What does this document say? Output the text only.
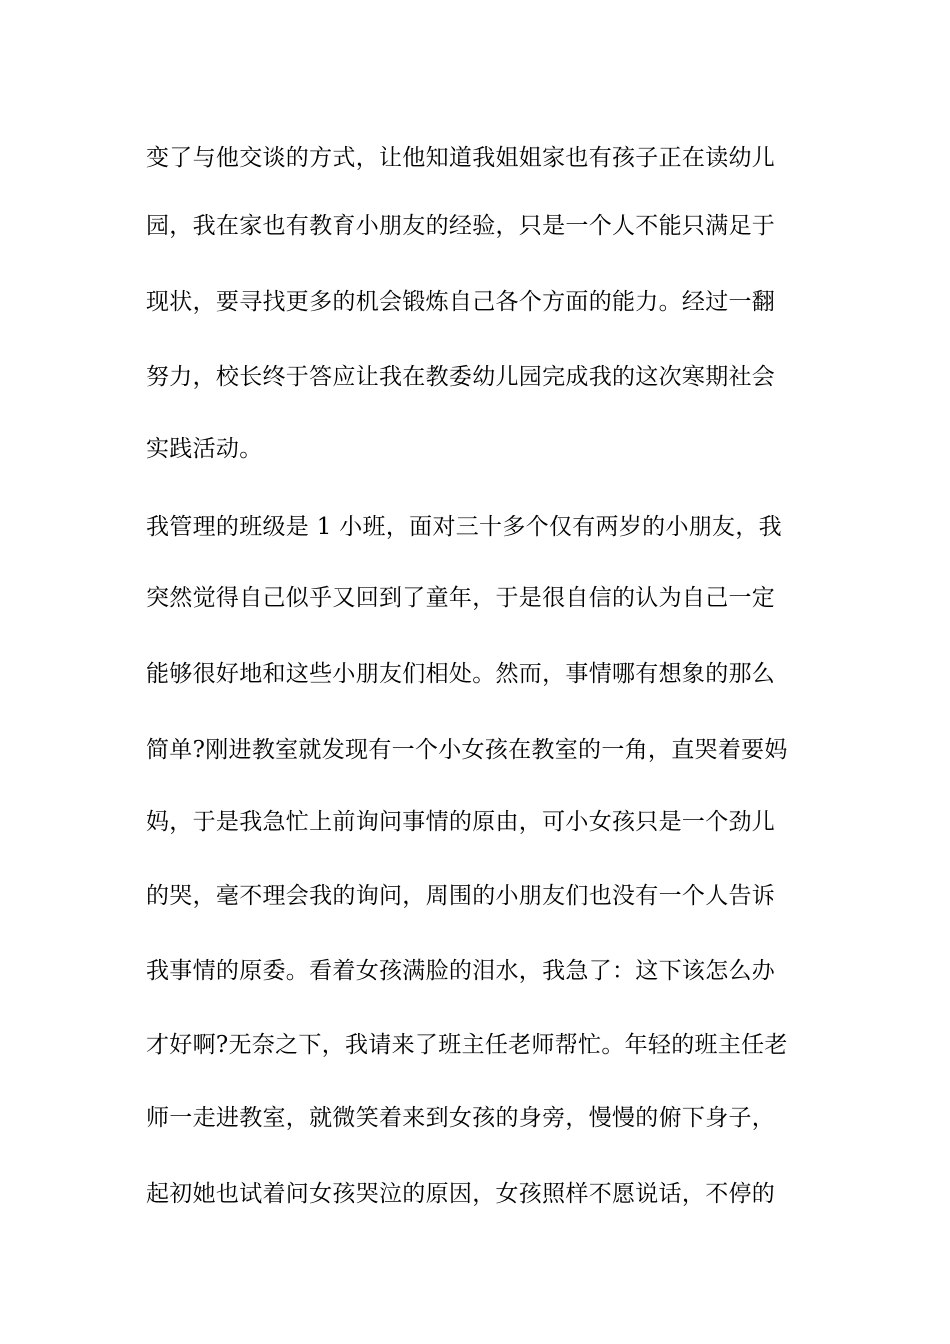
变了与他交谈的方式，让他知道我姐姐家也有孩子正在读幼儿
园，我在家也有教育小朋友的经验，只是一个人不能只满足于
现状，要寻找更多的机会锻炼自己各个方面的能力。经过一翻
努力，校长终于答应让我在教委幼儿园完成我的这次寒期社会
实践活动。
我管理的班级是 1 小班，面对三十多个仅有两岁的小朋友，我
突然觉得自己似乎又回到了童年，于是很自信的认为自己一定
能够很好地和这些小朋友们相处。然而，事情哪有想象的那么
简单?刚进教室就发现有一个小女孩在教室的一角，直哭着要妈
妈，于是我急忙上前询问事情的原由，可小女孩只是一个劲儿
的哭，毫不理会我的询问，周围的小朋友们也没有一个人告诉
我事情的原委。看着女孩满脸的泪水，我急了：这下该怎么办
才好啊?无奈之下，我请来了班主任老师帮忙。年轻的班主任老
师一走进教室，就微笑着来到女孩的身旁，慢慢的俯下身子，
起初她也试着问女孩哭泣的原因，女孩照样不愿说话，不停的
